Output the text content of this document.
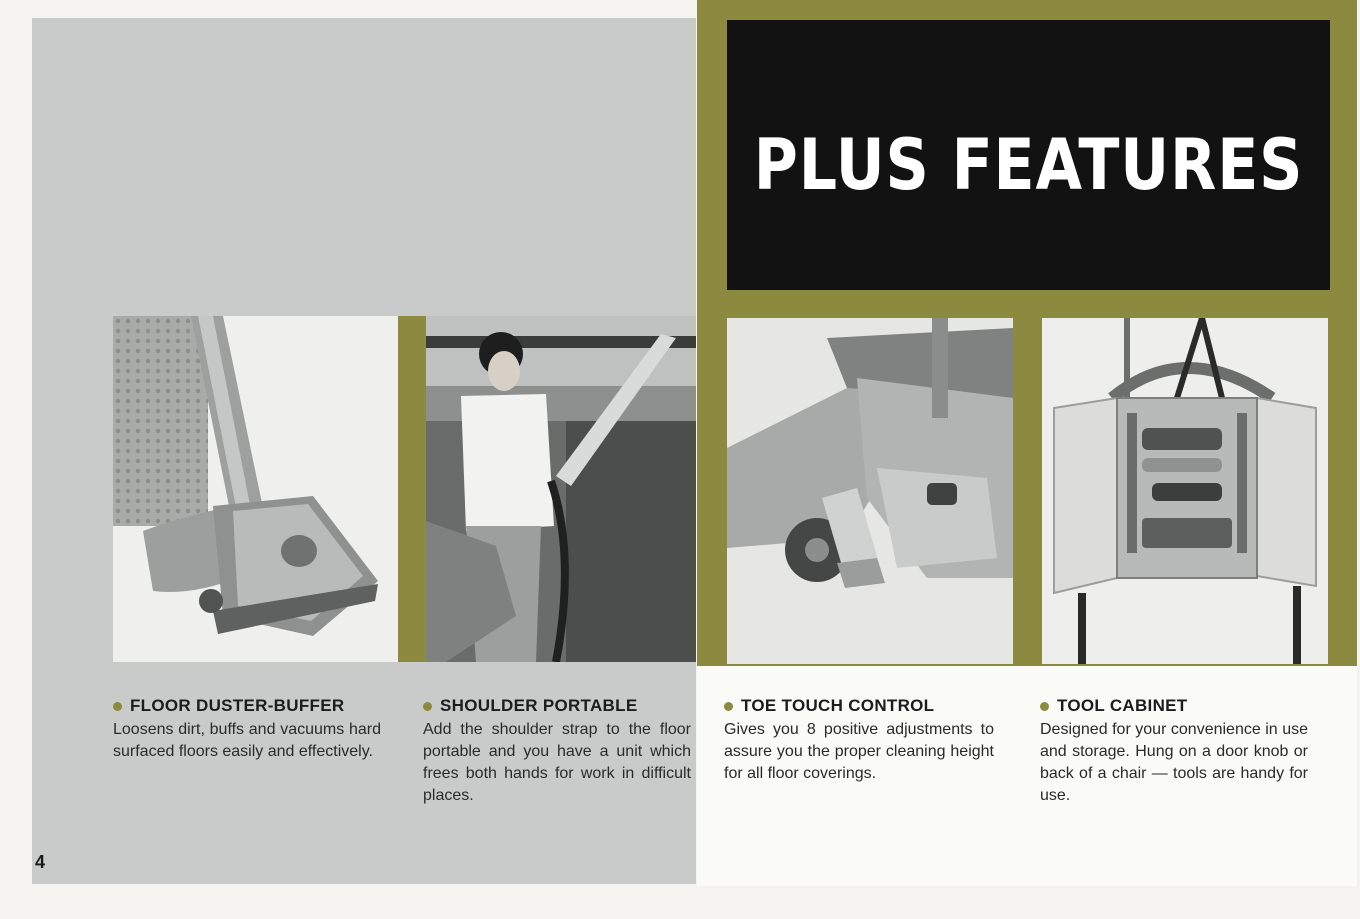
PLUS FEATURES
FLOOR DUSTER-BUFFER
Loosens dirt, buffs and vacuums hard surfaced floors easily and effectively.
SHOULDER PORTABLE
Add the shoulder strap to the floor portable and you have a unit which frees both hands for work in difficult places.
TOE TOUCH CONTROL
Gives you 8 positive adjustments to assure you the proper cleaning height for all floor coverings.
TOOL CABINET
Designed for your convenience in use and storage. Hung on a door knob or back of a chair — tools are handy for use.
4
